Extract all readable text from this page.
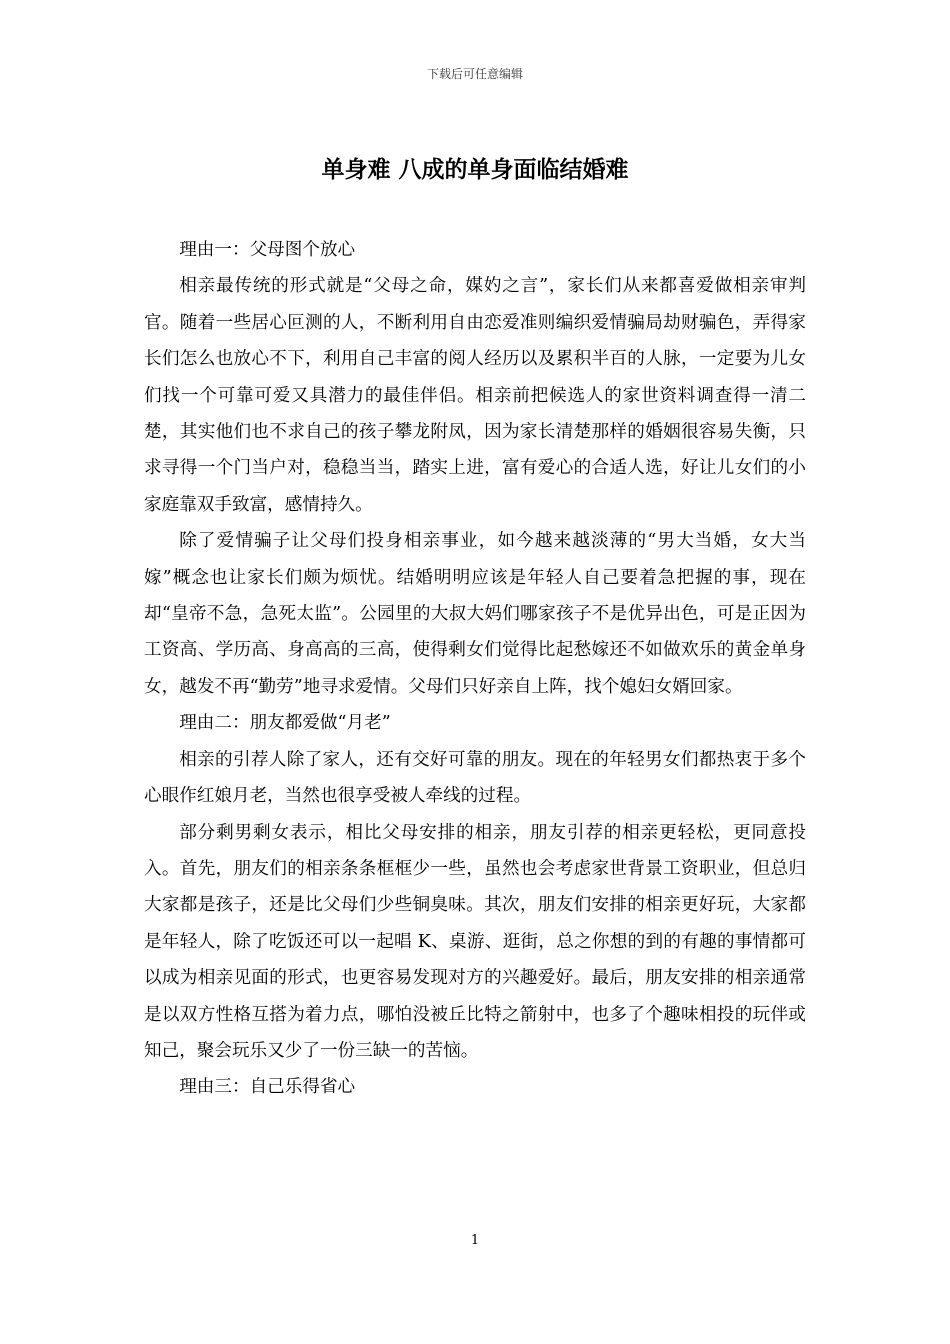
下载后可任意编辑
单身难 八成的单身面临结婚难

理由一：父母图个放心

相亲最传统的形式就是“父母之命，媒妁之言”，家长们从来都喜爱做相亲审判官。随着一些居心叵测的人，不断利用自由恋爱准则编织爱情骗局劫财骗色，弄得家长们怎么也放心不下，利用自己丰富的阅人经历以及累积半百的人脉，一定要为儿女们找一个可靠可爱又具潜力的最佳伴侣。相亲前把候选人的家世资料调查得一清二楚，其实他们也不求自己的孩子攀龙附凤，因为家长清楚那样的婚姻很容易失衡，只求寻得一个门当户对，稳稳当当，踏实上进，富有爱心的合适人选，好让儿女们的小家庭靠双手致富，感情持久。

除了爱情骗子让父母们投身相亲事业，如今越来越淡薄的“男大当婚，女大当嫁”概念也让家长们颇为烦忧。结婚明明应该是年轻人自己要着急把握的事，现在却“皇帝不急，急死太监”。公园里的大叔大妈们哪家孩子不是优异出色，可是正因为工资高、学历高、身高高的三高，使得剩女们觉得比起愁嫁还不如做欢乐的黄金单身女，越发不再“勤劳”地寻求爱情。父母们只好亲自上阵，找个媳妇女婿回家。

理由二：朋友都爱做“月老”

相亲的引荐人除了家人，还有交好可靠的朋友。现在的年轻男女们都热衷于多个心眼作红娘月老，当然也很享受被人牵线的过程。

部分剩男剩女表示，相比父母安排的相亲，朋友引荐的相亲更轻松，更同意投入。首先，朋友们的相亲条条框框少一些，虽然也会考虑家世背景工资职业，但总归大家都是孩子，还是比父母们少些铜臭味。其次，朋友们安排的相亲更好玩，大家都是年轻人，除了吃饭还可以一起唱 K、桌游、逛街，总之你想的到的有趣的事情都可以成为相亲见面的形式，也更容易发现对方的兴趣爱好。最后，朋友安排的相亲通常是以双方性格互搭为着力点，哪怕没被丘比特之箭射中，也多了个趣味相投的玩伴或知己，聚会玩乐又少了一份三缺一的苦恼。

理由三：自己乐得省心

1
